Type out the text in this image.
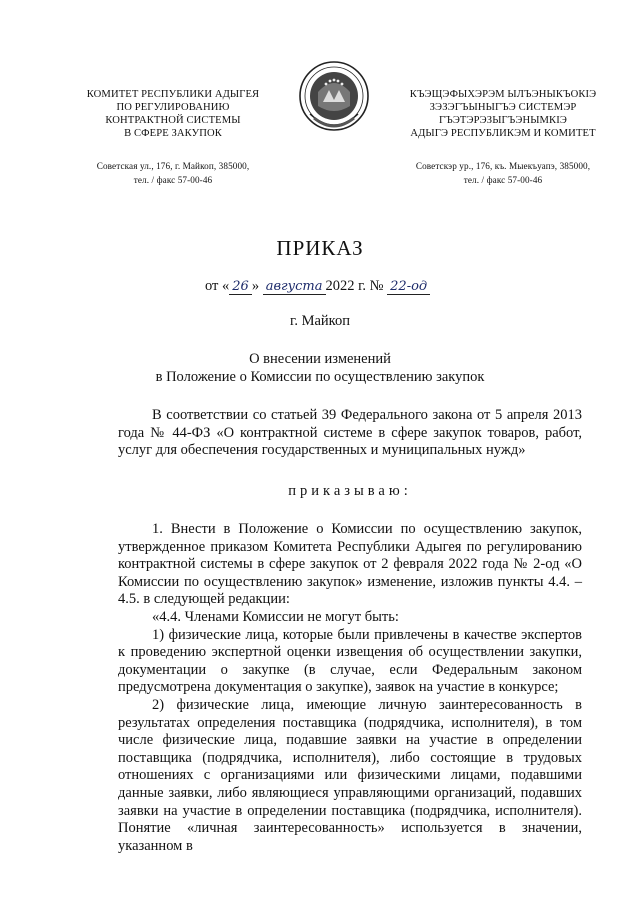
КОМИТЕТ РЕСПУБЛИКИ АДЫГЕЯ
ПО РЕГУЛИРОВАНИЮ
КОНТРАКТНОЙ СИСТЕМЫ
В СФЕРЕ ЗАКУПОК
Советская ул., 176, г. Майкоп, 385000,
тел. / факс 57-00-46
КЪЭЩЭФЫХЭРЭМ ЫЛЪЭНЫКЪОКIЭ
ЗЭЗЭГЪЫНЫГЪЭ СИСТЕМЭР
ГЪЭТЭРЭЗЫГЪЭНЫМКIЭ
АДЫГЭ РЕСПУБЛИКЭМ И КОМИТЕТ
Советскэр ур., 176, къ. Мыекъуапэ, 385000,
тел. / факс 57-00-46
ПРИКАЗ
от « 26 » августа 2022 г. № 22-од
г. Майкоп
О внесении изменений
в Положение о Комиссии по осуществлению закупок

В соответствии со статьей 39 Федерального закона от 5 апреля 2013 года № 44-ФЗ «О контрактной системе в сфере закупок товаров, работ, услуг для обеспечения государственных и муниципальных нужд»

приказываю:

1. Внести в Положение о Комиссии по осуществлению закупок, утвержденное приказом Комитета Республики Адыгея по регулированию контрактной системы в сфере закупок от 2 февраля 2022 года № 2-од «О Комиссии по осуществлению закупок» изменение, изложив пункты 4.4. – 4.5. в следующей редакции:

«4.4. Членами Комиссии не могут быть:

1) физические лица, которые были привлечены в качестве экспертов к проведению экспертной оценки извещения об осуществлении закупки, документации о закупке (в случае, если Федеральным законом предусмотрена документация о закупке), заявок на участие в конкурсе;

2) физические лица, имеющие личную заинтересованность в результатах определения поставщика (подрядчика, исполнителя), в том числе физические лица, подавшие заявки на участие в определении поставщика (подрядчика, исполнителя), либо состоящие в трудовых отношениях с организациями или физическими лицами, подавшими данные заявки, либо являющиеся управляющими организаций, подавших заявки на участие в определении поставщика (подрядчика, исполнителя). Понятие «личная заинтересованность» используется в значении, указанном в
